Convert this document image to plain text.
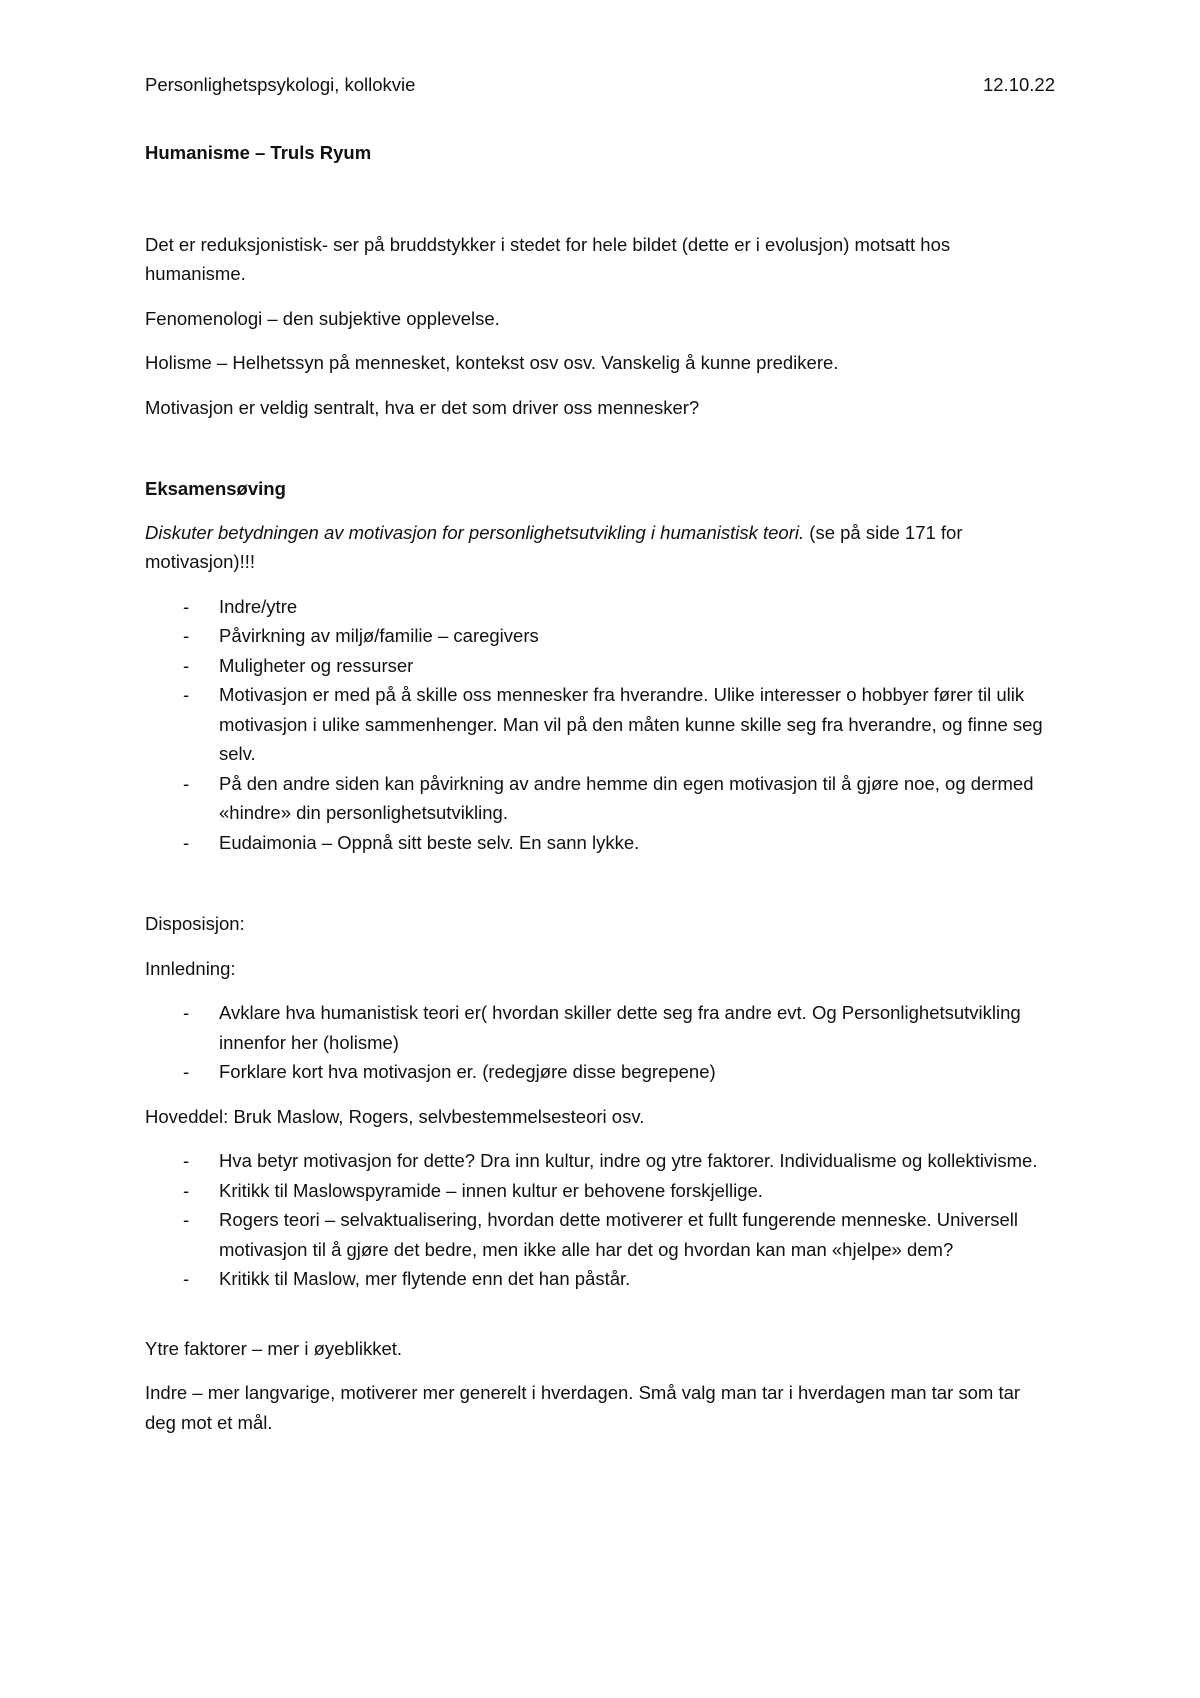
Personlighetspsykologi, kollokvie	12.10.22
Humanisme – Truls Ryum

Det er reduksjonistisk- ser på bruddstykker i stedet for hele bildet (dette er i evolusjon) motsatt hos humanisme.

Fenomenologi – den subjektive opplevelse.

Holisme – Helhetssyn på mennesket, kontekst osv osv. Vanskelig å kunne predikere.

Motivasjon er veldig sentralt, hva er det som driver oss mennesker?

Eksamensøving

Diskuter betydningen av motivasjon for personlighetsutvikling i humanistisk teori. (se på side 171 for motivasjon)!!!

- Indre/ytre
- Påvirkning av miljø/familie – caregivers
- Muligheter og ressurser
- Motivasjon er med på å skille oss mennesker fra hverandre. Ulike interesser o hobbyer fører til ulik motivasjon i ulike sammenhenger. Man vil på den måten kunne skille seg fra hverandre, og finne seg selv.
- På den andre siden kan påvirkning av andre hemme din egen motivasjon til å gjøre noe, og dermed «hindre» din personlighetsutvikling.
- Eudaimonia – Oppnå sitt beste selv. En sann lykke.

Disposisjon:

Innledning:

- Avklare hva humanistisk teori er( hvordan skiller dette seg fra andre evt. Og Personlighetsutvikling innenfor her (holisme)
- Forklare kort hva motivasjon er. (redegjøre disse begrepene)

Hoveddel: Bruk Maslow, Rogers, selvbestemmelsesteori osv.

- Hva betyr motivasjon for dette? Dra inn kultur, indre og ytre faktorer. Individualisme og kollektivisme.
- Kritikk til Maslowspyramide – innen kultur er behovene forskjellige.
- Rogers teori – selvaktualisering, hvordan dette motiverer et fullt fungerende menneske. Universell motivasjon til å gjøre det bedre, men ikke alle har det og hvordan kan man «hjelpe» dem?
- Kritikk til Maslow, mer flytende enn det han påstår.

Ytre faktorer – mer i øyeblikket.

Indre – mer langvarige, motiverer mer generelt i hverdagen. Små valg man tar i hverdagen man tar som tar deg mot et mål.
